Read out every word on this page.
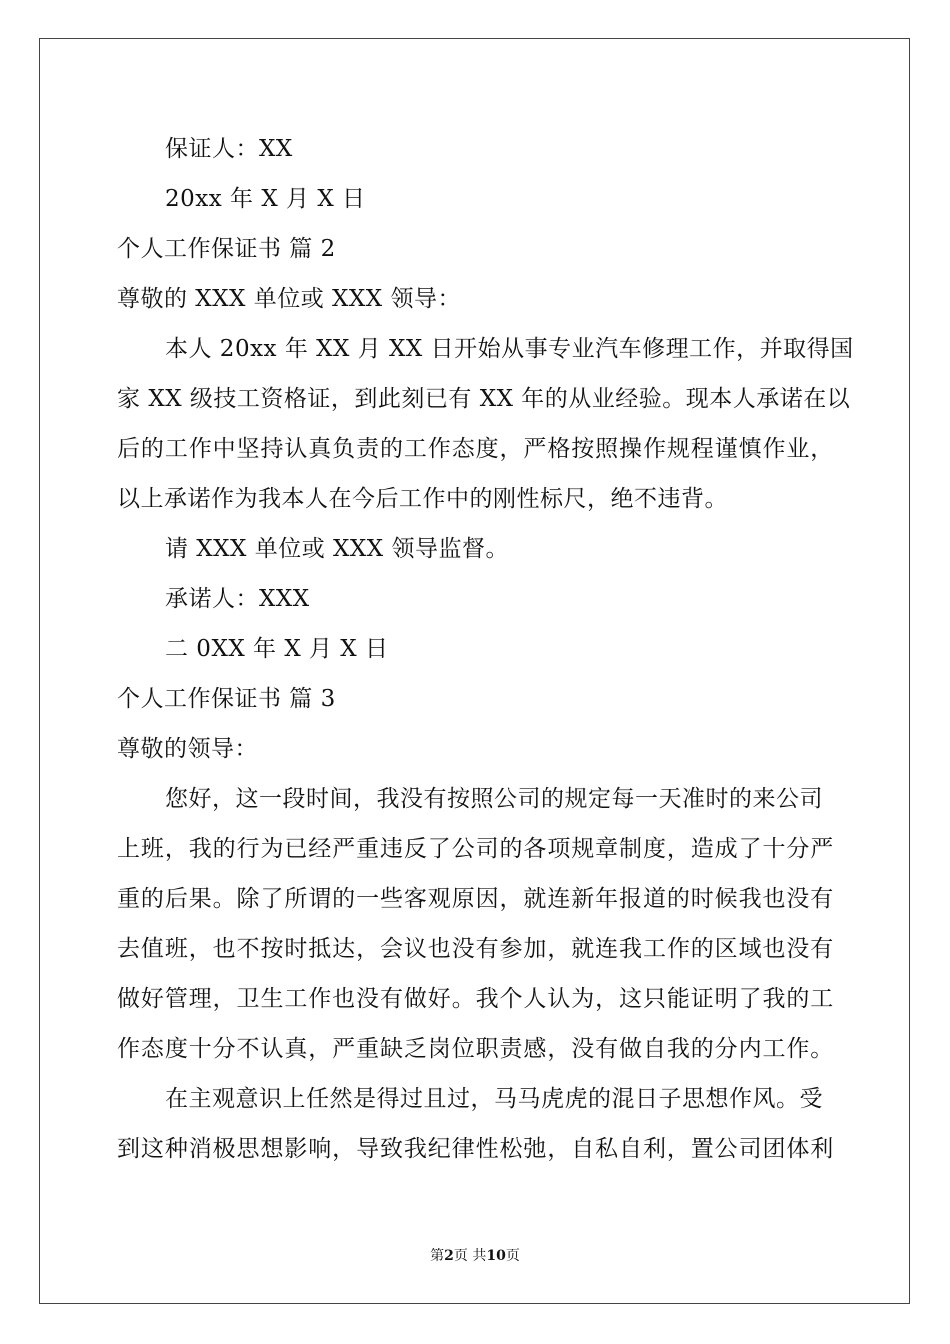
保证人：XX
20xx 年 X 月 X 日
个人工作保证书 篇 2
尊敬的 XXX 单位或 XXX 领导：
本人 20xx 年 XX 月 XX 日开始从事专业汽车修理工作，并取得国
家
X X
级 技 工 资 格 证 ， 到 此 刻 已 有
X X
年 的 从 业 经 验 。 现 本 人 承 诺 在 以
后 的 工 作 中 坚 持 认 真 负 责 的 工 作 态 度 ， 严 格 按 照 操 作 规 程 谨 慎 作 业 ，
以上承诺作为我本人在今后工作中的刚性标尺，绝不违背。
请 XXX 单位或 XXX 领导监督。
承诺人：XXX
二 0XX 年 X 月 X 日
个人工作保证书 篇 3
尊敬的领导：
您好，这一段时间，我没有按照公司的规定每一天准时的来公司
上 班 ， 我 的 行 为 已 经 严 重 违 反 了 公 司 的 各 项 规 章 制 度 ， 造 成 了 十 分 严
重 的 后 果 。 除 了 所 谓 的 一 些 客 观 原 因 ， 就 连 新 年 报 道 的 时 候 我 也 没 有
去 值 班 ， 也 不 按 时 抵 达 ， 会 议 也 没 有 参 加 ， 就 连 我 工 作 的 区 域 也 没 有
做 好 管 理 ， 卫 生 工 作 也 没 有 做 好 。 我 个 人 认 为 ， 这 只 能 证 明 了 我 的 工
作 态 度 十 分 不 认 真 ， 严 重 缺 乏 岗 位 职 责 感 ， 没 有 做 自 我 的 分 内 工 作 。
在主观意识上任然是得过且过，马马虎虎的混日子思想作风。受
到 这 种 消 极 思 想 影 响 ， 导 致 我 纪 律 性 松 弛 ， 自 私 自 利 ， 置 公 司 团 体 利
第2页 共10页
